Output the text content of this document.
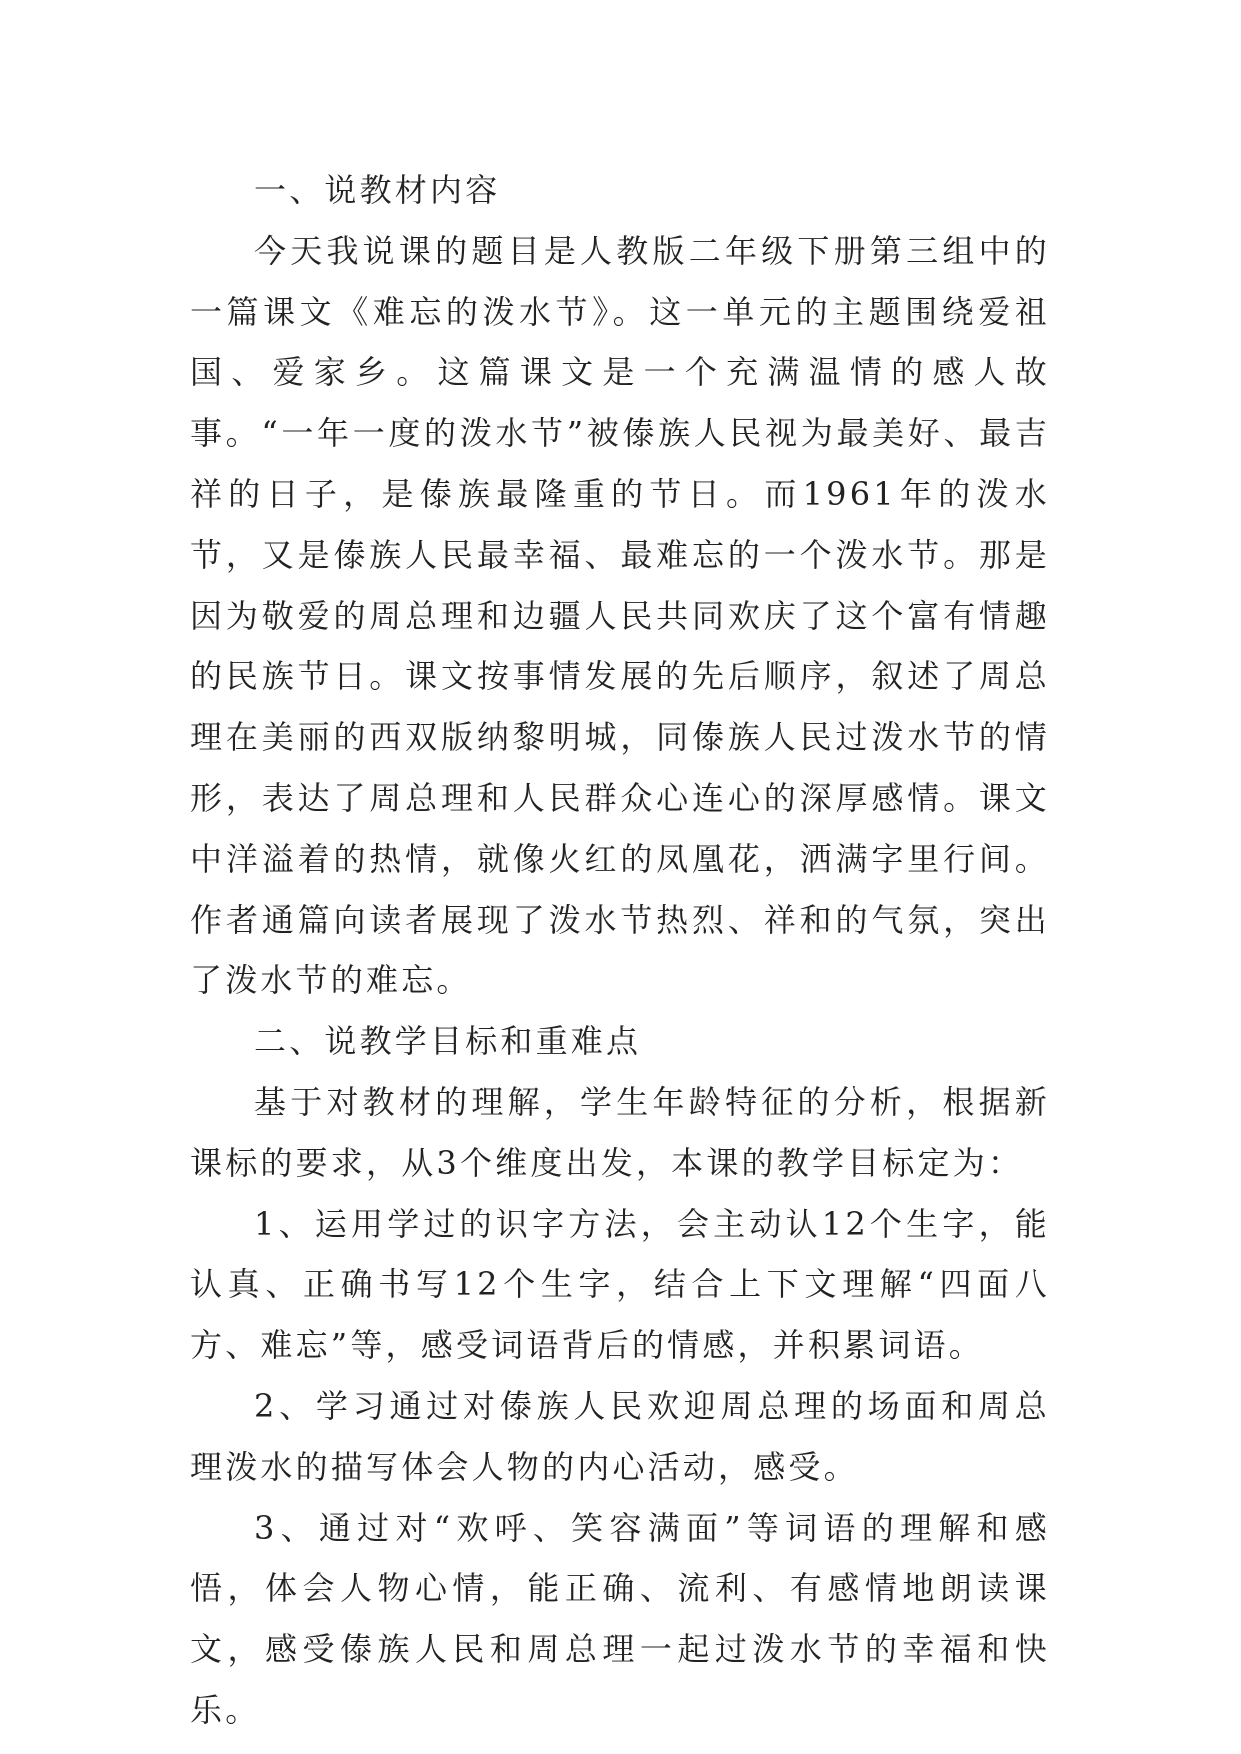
一、说教材内容

今天我说课的题目是人教版二年级下册第三组中的一篇课文《难忘的泼水节》。这一单元的主题围绕爱祖国、爱家乡。这篇课文是一个充满温情的感人故事。“一年一度的泼水节”被傣族人民视为最美好、最吉祥的日子，是傣族最隆重的节日。而1961年的泼水节，又是傣族人民最幸福、最难忘的一个泼水节。那是因为敬爱的周总理和边疆人民共同欢庆了这个富有情趣的民族节日。课文按事情发展的先后顺序，叙述了周总理在美丽的西双版纳黎明城，同傣族人民过泼水节的情形，表达了周总理和人民群众心连心的深厚感情。课文中洋溢着的热情，就像火红的凤凰花，洒满字里行间。作者通篇向读者展现了泼水节热烈、祥和的气氛，突出了泼水节的难忘。

二、说教学目标和重难点

基于对教材的理解，学生年龄特征的分析，根据新课标的要求，从3个维度出发，本课的教学目标定为：

1、运用学过的识字方法，会主动认12个生字，能认真、正确书写12个生字，结合上下文理解“四面八方、难忘”等，感受词语背后的情感，并积累词语。

2、学习通过对傣族人民欢迎周总理的场面和周总理泼水的描写体会人物的内心活动，感受。

3、通过对“欢呼、笑容满面”等词语的理解和感悟，体会人物心情，能正确、流利、有感情地朗读课文，感受傣族人民和周总理一起过泼水节的幸福和快乐。
